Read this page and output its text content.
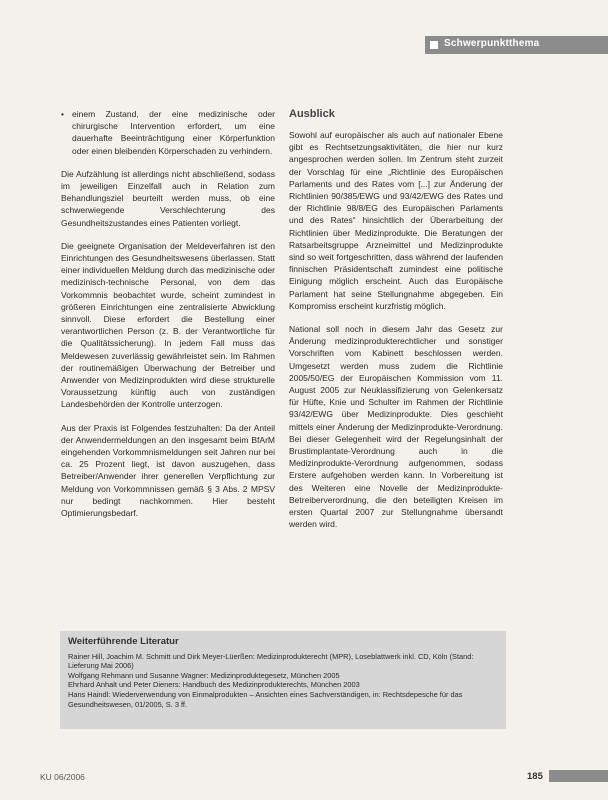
Schwerpunktthema
• einem Zustand, der eine medizinische oder chirurgische Intervention erfordert, um eine dauerhafte Beeinträchtigung einer Körperfunktion oder einen bleibenden Körperschaden zu verhindern.

Die Aufzählung ist allerdings nicht abschließend, sodass im jeweiligen Einzelfall auch in Relation zum Behandlungsziel beurteilt werden muss, ob eine schwerwiegende Verschlechterung des Gesundheitszustandes eines Patienten vorliegt.

Die geeignete Organisation der Meldeverfahren ist den Einrichtungen des Gesundheitswesens überlassen. Statt einer individuellen Meldung durch das medizinische oder medizinisch-technische Personal, von dem das Vorkommnis beobachtet wurde, scheint zumindest in größeren Einrichtungen eine zentralisierte Abwicklung sinnvoll. Diese erfordert die Bestellung einer verantwortlichen Person (z. B. der Verantwortliche für die Qualitätssicherung). In jedem Fall muss das Meldewesen zuverlässig gewährleistet sein. Im Rahmen der routinemäßigen Überwachung der Betreiber und Anwender von Medizinprodukten wird diese strukturelle Voraussetzung künftig auch von zuständigen Landesbehörden der Kontrolle unterzogen.

Aus der Praxis ist Folgendes festzuhalten: Da der Anteil der Anwendermeldungen an den insgesamt beim BfArM eingehenden Vorkommnismeldungen seit Jahren nur bei ca. 25 Prozent liegt, ist davon auszugehen, dass Betreiber/Anwender ihrer generellen Verpflichtung zur Meldung von Vorkommnissen gemäß § 3 Abs. 2 MPSV nur bedingt nachkommen. Hier besteht Optimierungsbedarf.

Ausblick

Sowohl auf europäischer als auch auf nationaler Ebene gibt es Rechtsetzungsaktivitäten, die hier nur kurz angesprochen werden sollen. Im Zentrum steht zurzeit der Vorschlag für eine „Richtlinie des Europäischen Parlaments und des Rates vom [...] zur Änderung der Richtlinien 90/385/EWG und 93/42/EWG des Rates und der Richtlinie 98/8/EG des Europäischen Parlaments und des Rates“ hinsichtlich der Überarbeitung der Richtlinien über Medizinprodukte. Die Beratungen der Ratsarbeitsgruppe Arzneimittel und Medizinprodukte sind so weit fortgeschritten, dass während der laufenden finnischen Präsidentschaft zumindest eine politische Einigung möglich erscheint. Auch das Europäische Parlament hat seine Stellungnahme abgegeben. Ein Kompromiss erscheint kurzfristig möglich.

National soll noch in diesem Jahr das Gesetz zur Änderung medizinprodukterechtlicher und sonstiger Vorschriften vom Kabinett beschlossen werden. Umgesetzt werden muss zudem die Richtlinie 2005/50/EG der Europäischen Kommission vom 11. August 2005 zur Neuklassifizierung von Gelenkersatz für Hüfte, Knie und Schulter im Rahmen der Richtlinie 93/42/EWG über Medizinprodukte. Dies geschieht mittels einer Änderung der Medizinprodukte-Verordnung. Bei dieser Gelegenheit wird der Regelungsinhalt der Brustimplantate-Verordnung auch in die Medizinprodukte-Verordnung aufgenommen, sodass Erstere aufgehoben werden kann. In Vorbereitung ist des Weiteren eine Novelle der Medizinprodukte-Betreiberverordnung, die den beteiligten Kreisen im ersten Quartal 2007 zur Stellungnahme übersandt werden wird.

Weiterführende Literatur

Rainer Hill, Joachim M. Schmitt und Dirk Meyer-Lüerßen: Medizinprodukterecht (MPR), Loseblattwerk inkl. CD, Köln (Stand: Lieferung Mai 2006)

Wolfgang Rehmann und Susanne Wagner: Medizinproduktegesetz, München 2005

Ehrhard Anhalt und Peter Dieners: Handbuch des Medizinprodukterechts, München 2003

Hans Haindl: Wiederverwendung von Einmalprodukten – Ansichten eines Sachverständigen, in: Rechtsdepesche für das Gesundheitswesen, 01/2005, S. 3 ff.

KU 06/2006	185
